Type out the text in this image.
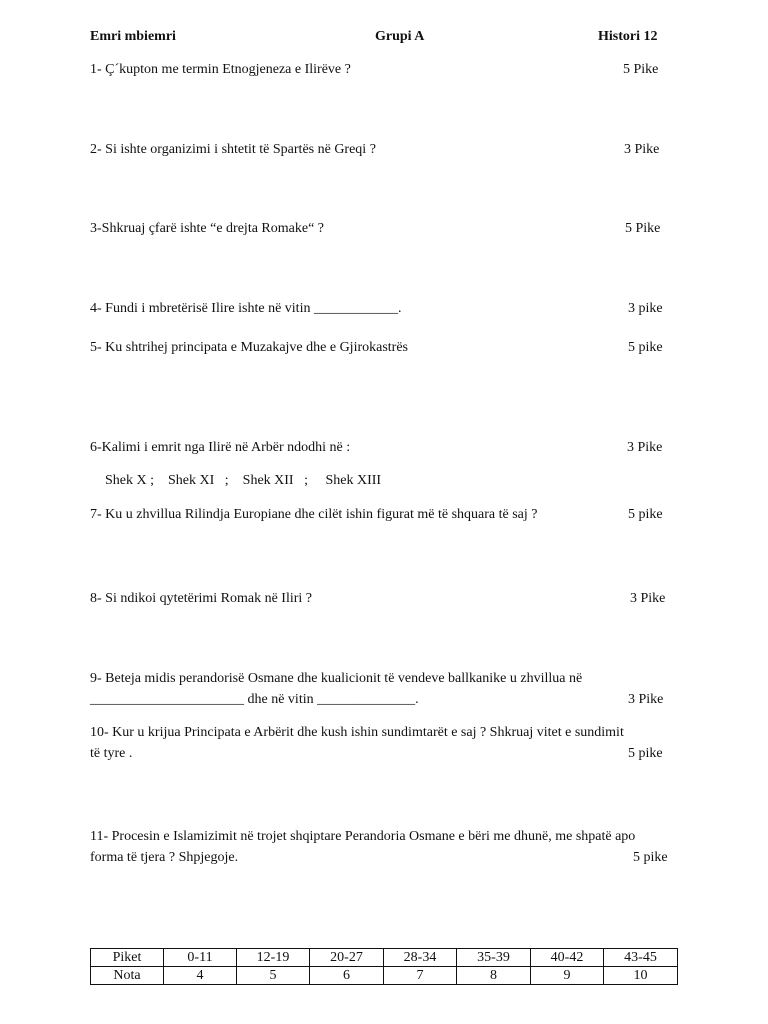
Emri mbiemri	Grupi A	Histori 12
1- Ç´kupton me termin Etnogjeneza e Ilirëve ?	5 Pike
2- Si ishte organizimi i shtetit të Spartës në Greqi ?	3 Pike
3-Shkruaj çfarë ishte “e drejta Romake“ ?	5 Pike
4- Fundi i mbretërisë Ilire ishte në vitin ____________.	3 pike
5- Ku shtrihej principata e Muzakajve dhe e Gjirokastrës	5 pike
6-Kalimi i emrit nga Ilirë në Arbër ndodhi në :	3 Pike
Shek X ;    Shek XI   ;    Shek XII   ;     Shek XIII
7- Ku u zhvillua Rilindja Europiane dhe cilët ishin figurat më të shquara të saj ?	5 pike
8- Si ndikoi qytetërimi Romak në Iliri ?	3 Pike
9- Beteja midis perandorisë Osmane dhe kualicionit të vendeve ballkanike u zhvillua në
______________________ dhe në vitin ______________.	3 Pike
10- Kur u krijua Principata e Arbërit dhe kush ishin sundimtarët e saj ? Shkruaj vitet e sundimit
të tyre .	5 pike
11- Procesin e Islamizimit në trojet shqiptare Perandoria Osmane e bëri me dhunë, me shpatë apo
forma të tjera ? Shpjegoje.	5 pike
Piket	0-11	12-19	20-27	28-34	35-39	40-42	43-45
Nota	4	5	6	7	8	9	10
